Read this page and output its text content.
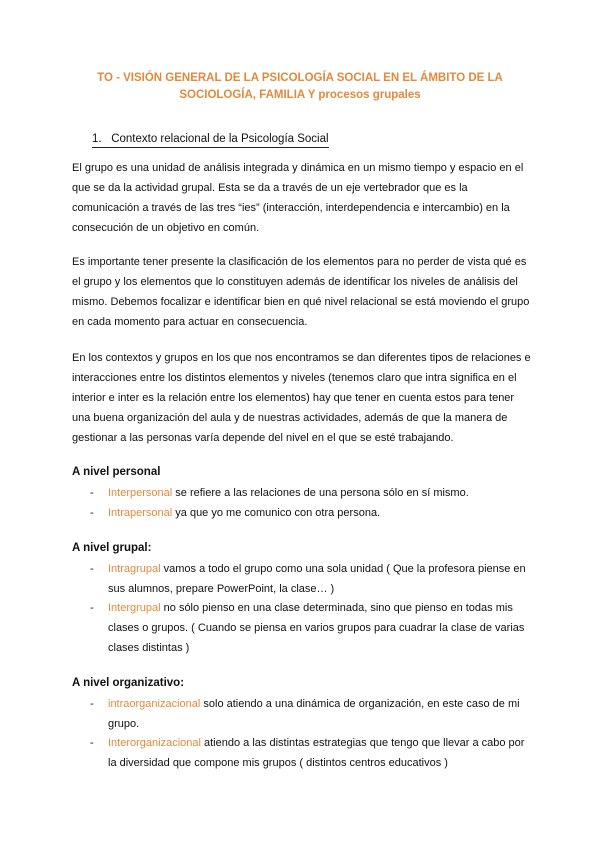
TO - VISIÓN GENERAL DE LA PSICOLOGÍA SOCIAL EN EL ÁMBITO DE LA
SOCIOLOGÍA, FAMILIA Y procesos grupales
1. Contexto relacional de la Psicología Social

El grupo es una unidad de análisis integrada y dinámica en un mismo tiempo y espacio en el que se da la actividad grupal. Esta se da a través de un eje vertebrador que es la comunicación a través de las tres “ies” (interacción, interdependencia e intercambio) en la consecución de un objetivo en común.

Es importante tener presente la clasificación de los elementos para no perder de vista qué es el grupo y los elementos que lo constituyen además de identificar los niveles de análisis del mismo. Debemos focalizar e identificar bien en qué nivel relacional se está moviendo el grupo en cada momento para actuar en consecuencia.

En los contextos y grupos en los que nos encontramos se dan diferentes tipos de relaciones e interacciones entre los distintos elementos y niveles (tenemos claro que intra significa en el interior e inter es la relación entre los elementos) hay que tener en cuenta estos para tener una buena organización del aula y de nuestras actividades, además de que la manera de gestionar a las personas varía depende del nivel en el que se esté trabajando.

A nivel personal
- Interpersonal se refiere a las relaciones de una persona sólo en sí mismo.
- Intrapersonal ya que yo me comunico con otra persona.
A nivel grupal:
- Intragrupal vamos a todo el grupo como una sola unidad ( Que la profesora piense en sus alumnos, prepare PowerPoint, la clase… )
- Intergrupal no sólo pienso en una clase determinada, sino que pienso en todas mis clases o grupos. ( Cuando se piensa en varios grupos para cuadrar la clase de varias clases distintas )
A nivel organizativo:
- intraorganizacional solo atiendo a una dinámica de organización, en este caso de mi grupo.
- Interorganizacional atiendo a las distintas estrategias que tengo que llevar a cabo por la diversidad que compone mis grupos ( distintos centros educativos )
